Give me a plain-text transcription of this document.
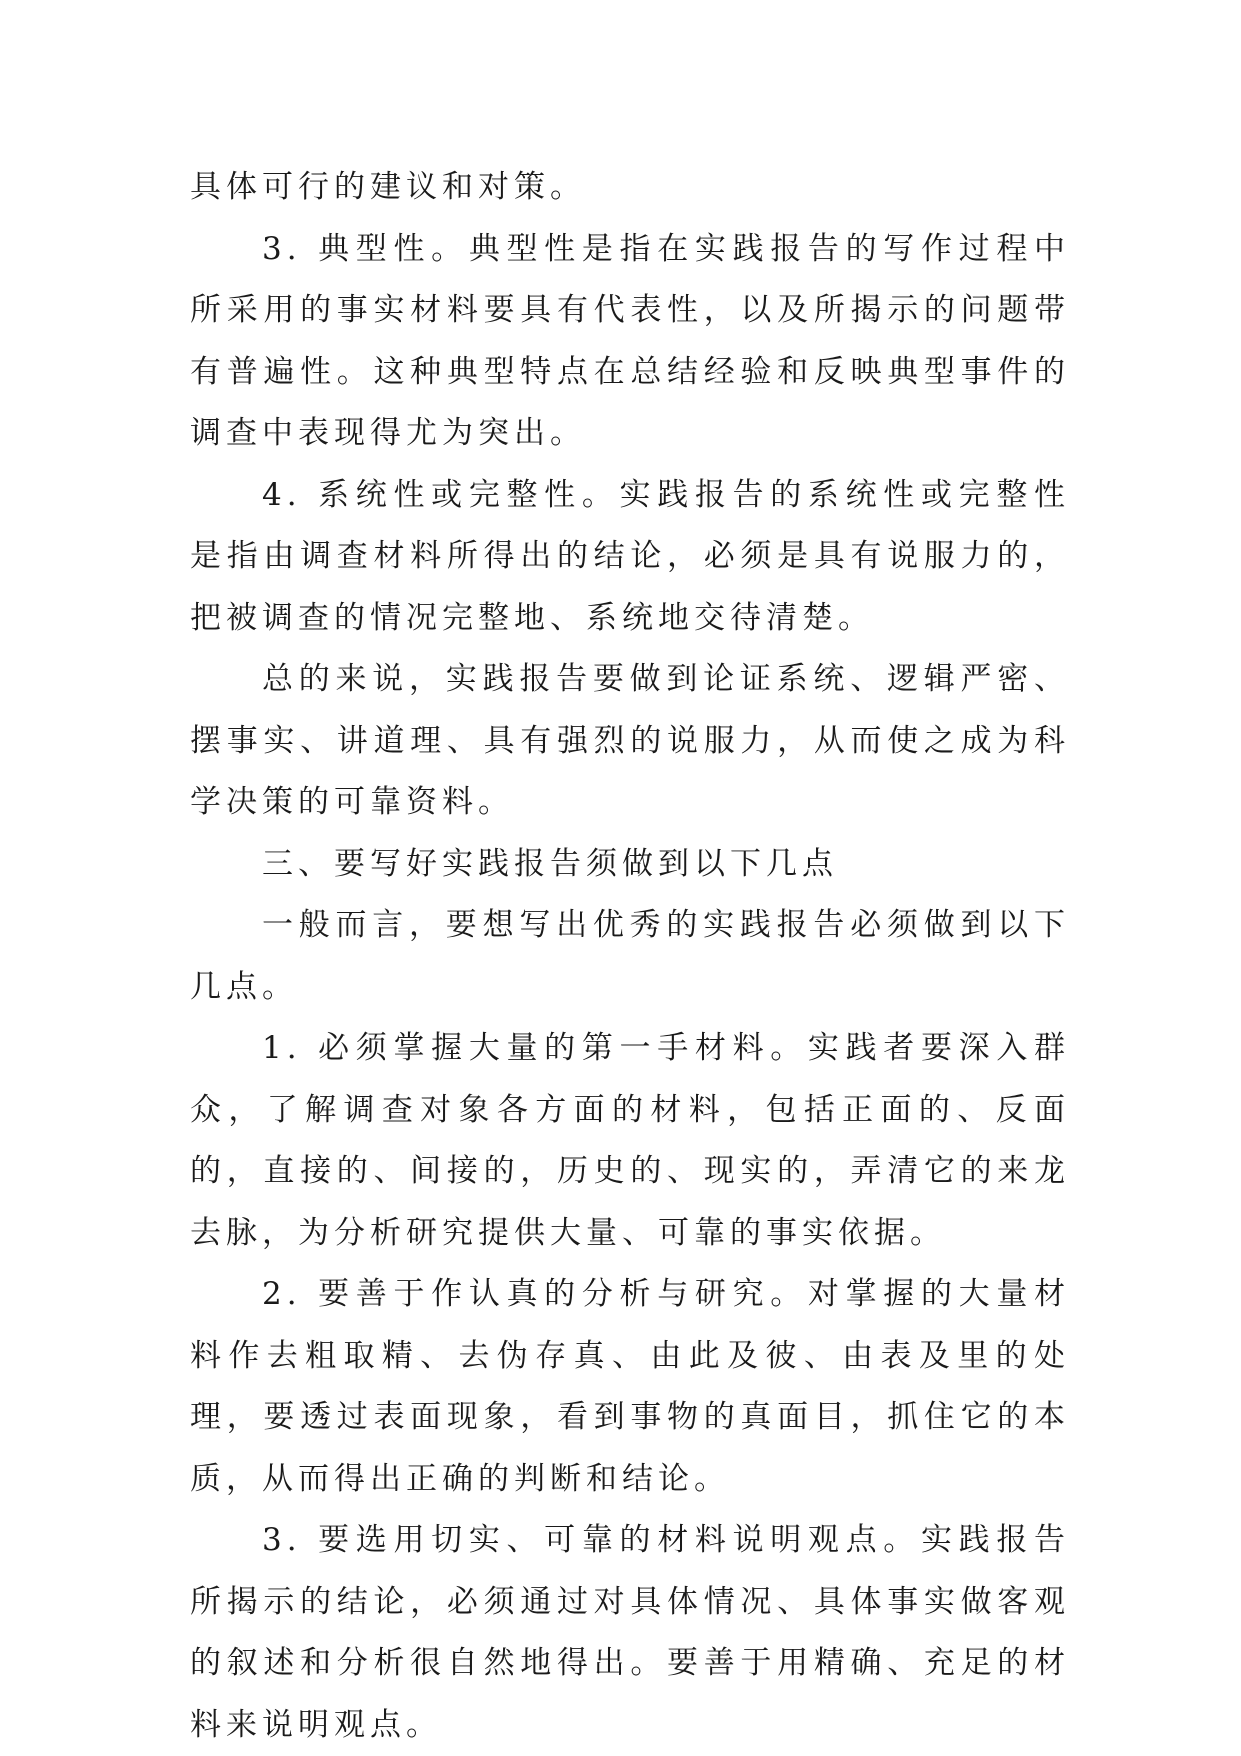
具体可行的建议和对策。

3. 典型性。典型性是指在实践报告的写作过程中所采用的事实材料要具有代表性，以及所揭示的问题带有普遍性。这种典型特点在总结经验和反映典型事件的调查中表现得尤为突出。

4. 系统性或完整性。实践报告的系统性或完整性是指由调查材料所得出的结论，必须是具有说服力的，把被调查的情况完整地、系统地交待清楚。

总的来说，实践报告要做到论证系统、逻辑严密、摆事实、讲道理、具有强烈的说服力，从而使之成为科学决策的可靠资料。

三、要写好实践报告须做到以下几点

一般而言，要想写出优秀的实践报告必须做到以下几点。

1. 必须掌握大量的第一手材料。实践者要深入群众，了解调查对象各方面的材料，包括正面的、反面的，直接的、间接的，历史的、现实的，弄清它的来龙去脉，为分析研究提供大量、可靠的事实依据。

2. 要善于作认真的分析与研究。对掌握的大量材料作去粗取精、去伪存真、由此及彼、由表及里的处理，要透过表面现象，看到事物的真面目，抓住它的本质，从而得出正确的判断和结论。

3. 要选用切实、可靠的材料说明观点。实践报告所揭示的结论，必须通过对具体情况、具体事实做客观的叙述和分析很自然地得出。要善于用精确、充足的材料来说明观点。
